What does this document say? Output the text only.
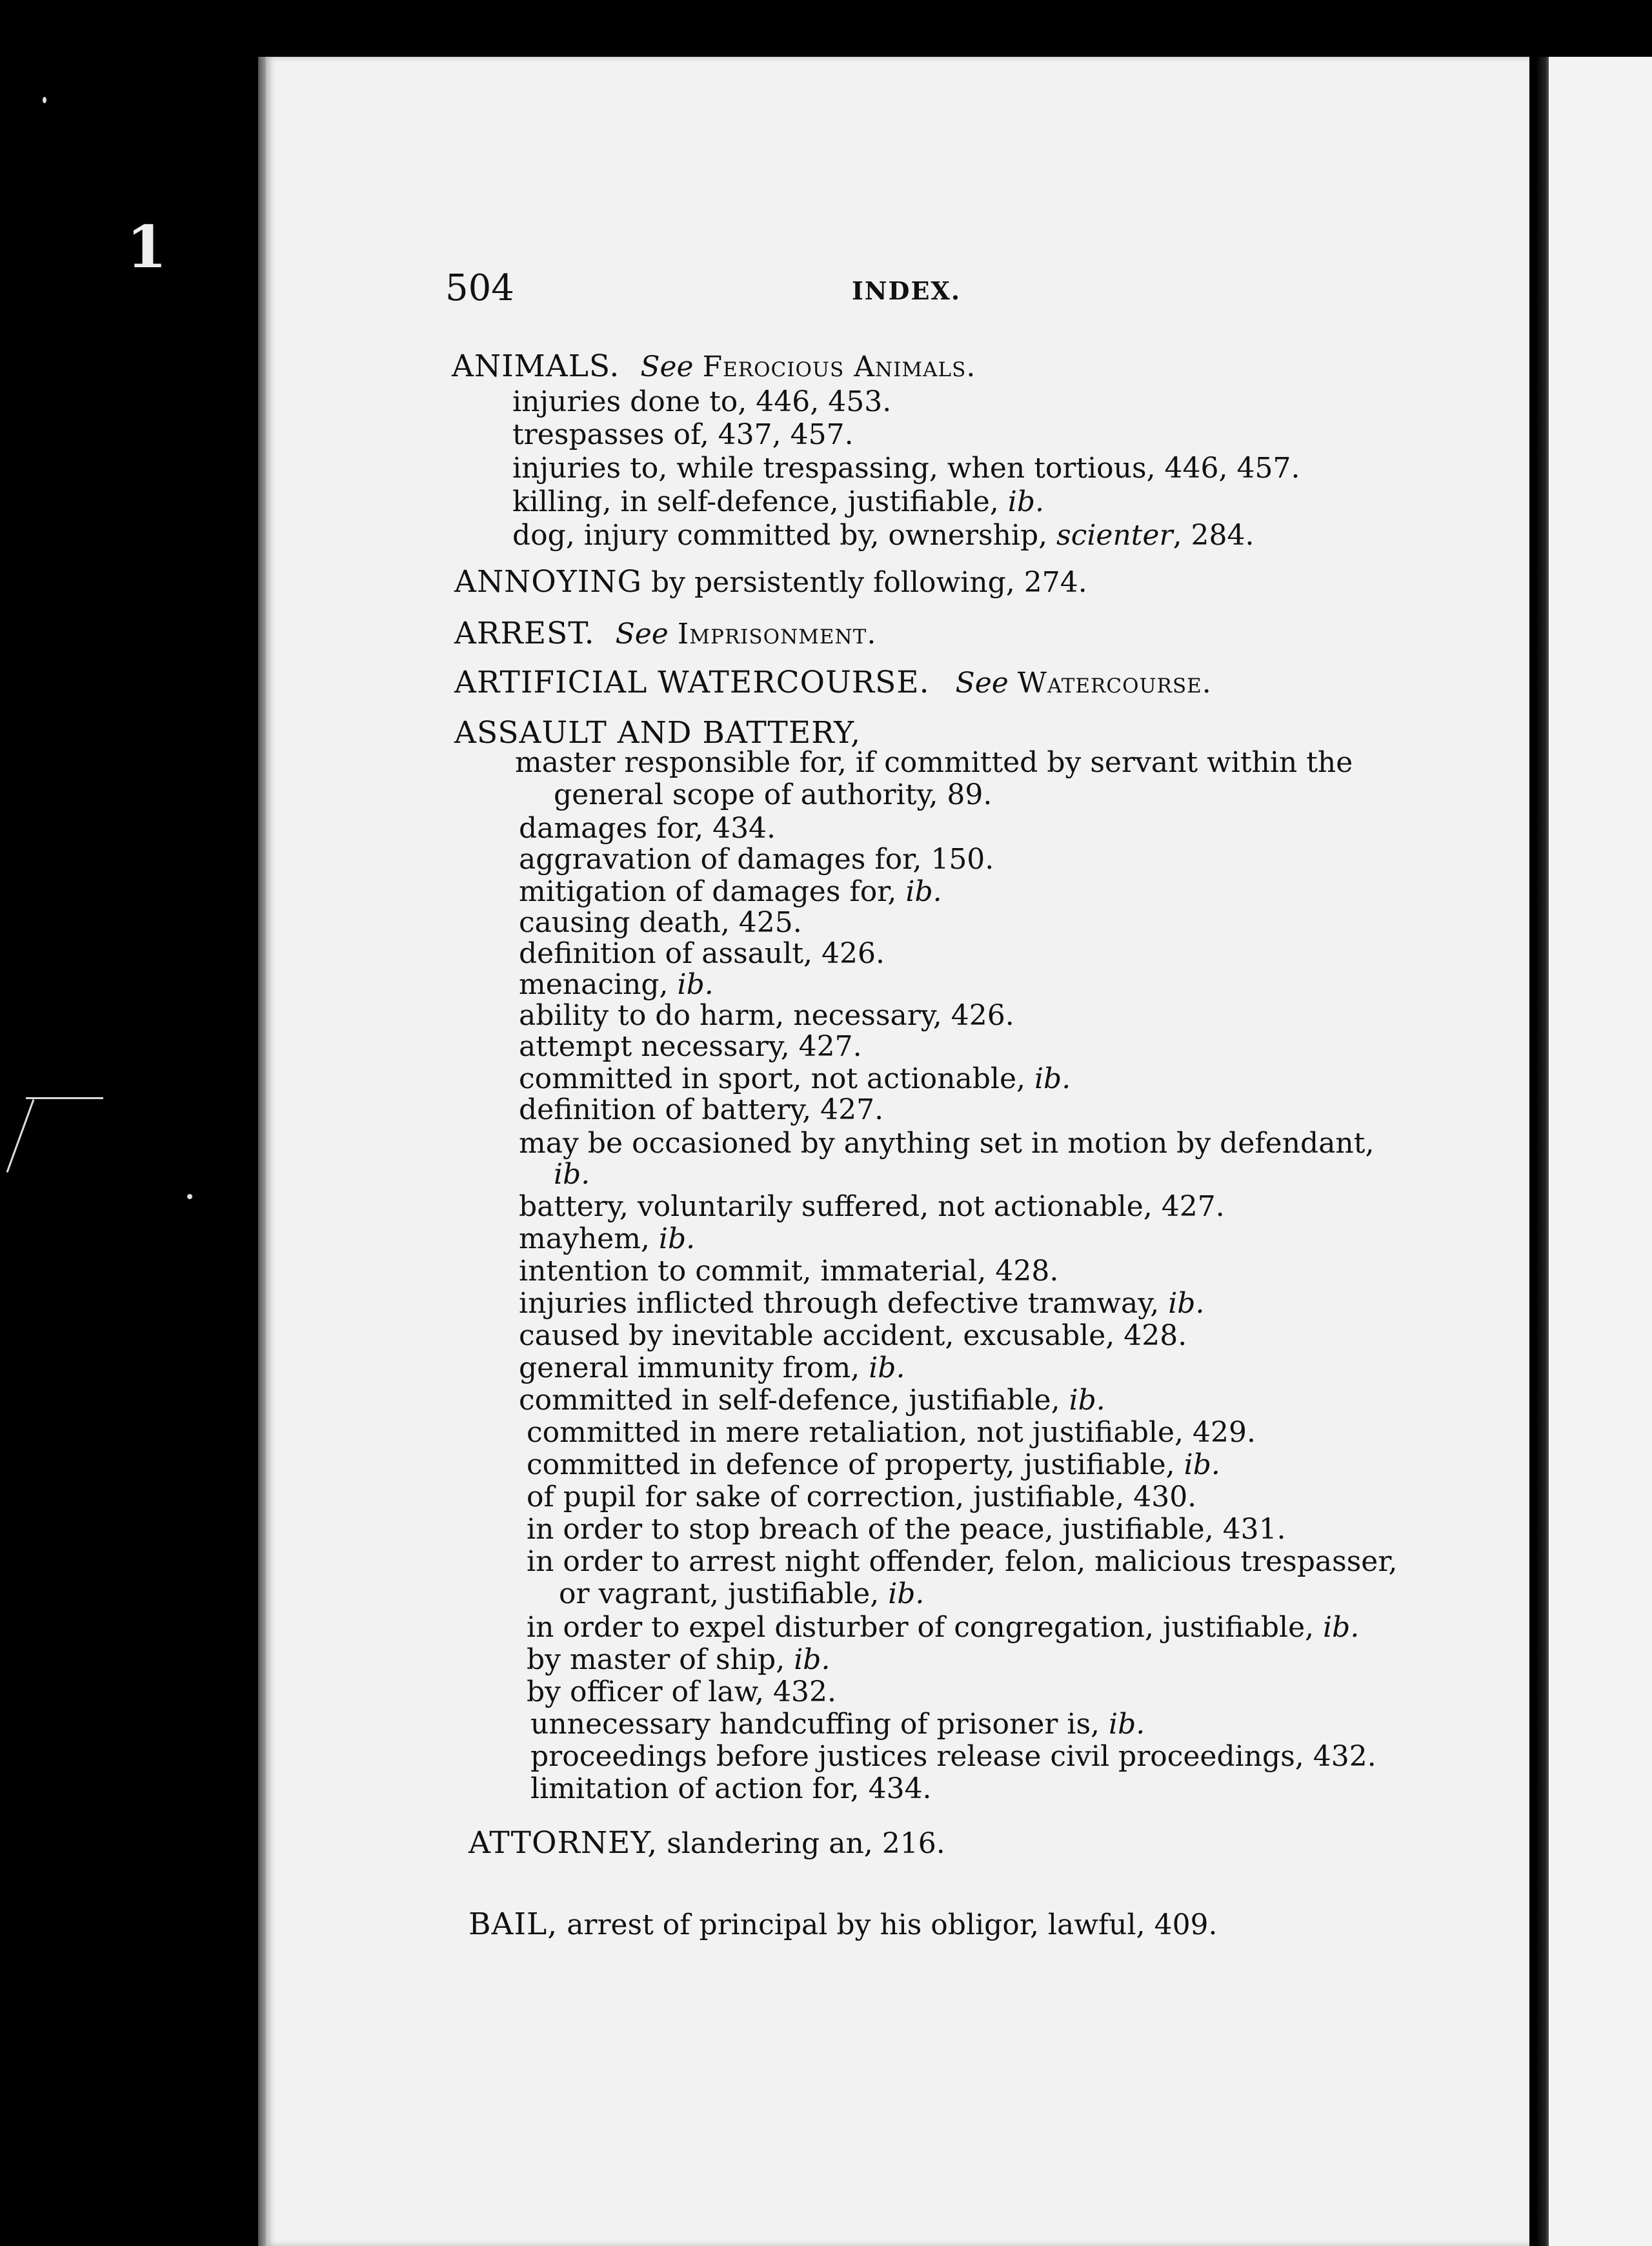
1
504	INDEX.
ANIMALS. See Ferocious Animals.
injuries done to, 446, 453.
trespasses of, 437, 457.
injuries to, while trespassing, when tortious, 446, 457.
killing, in self-defence, justifiable, ib.
dog, injury committed by, ownership, scienter, 284.
ANNOYING by persistently following, 274.
ARREST. See Imprisonment.
ARTIFICIAL WATERCOURSE. See Watercourse.
ASSAULT AND BATTERY,
master responsible for, if committed by servant within the
general scope of authority, 89.
damages for, 434.
aggravation of damages for, 150.
mitigation of damages for, ib.
causing death, 425.
definition of assault, 426.
menacing, ib.
ability to do harm, necessary, 426.
attempt necessary, 427.
committed in sport, not actionable, ib.
definition of battery, 427.
may be occasioned by anything set in motion by defendant,
ib.
battery, voluntarily suffered, not actionable, 427.
mayhem, ib.
intention to commit, immaterial, 428.
injuries inflicted through defective tramway, ib.
caused by inevitable accident, excusable, 428.
general immunity from, ib.
committed in self-defence, justifiable, ib.
committed in mere retaliation, not justifiable, 429.
committed in defence of property, justifiable, ib.
of pupil for sake of correction, justifiable, 430.
in order to stop breach of the peace, justifiable, 431.
in order to arrest night offender, felon, malicious trespasser,
or vagrant, justifiable, ib.
in order to expel disturber of congregation, justifiable, ib.
by master of ship, ib.
by officer of law, 432.
unnecessary handcuffing of prisoner is, ib.
proceedings before justices release civil proceedings, 432.
limitation of action for, 434.
ATTORNEY, slandering an, 216.
BAIL, arrest of principal by his obligor, lawful, 409.
